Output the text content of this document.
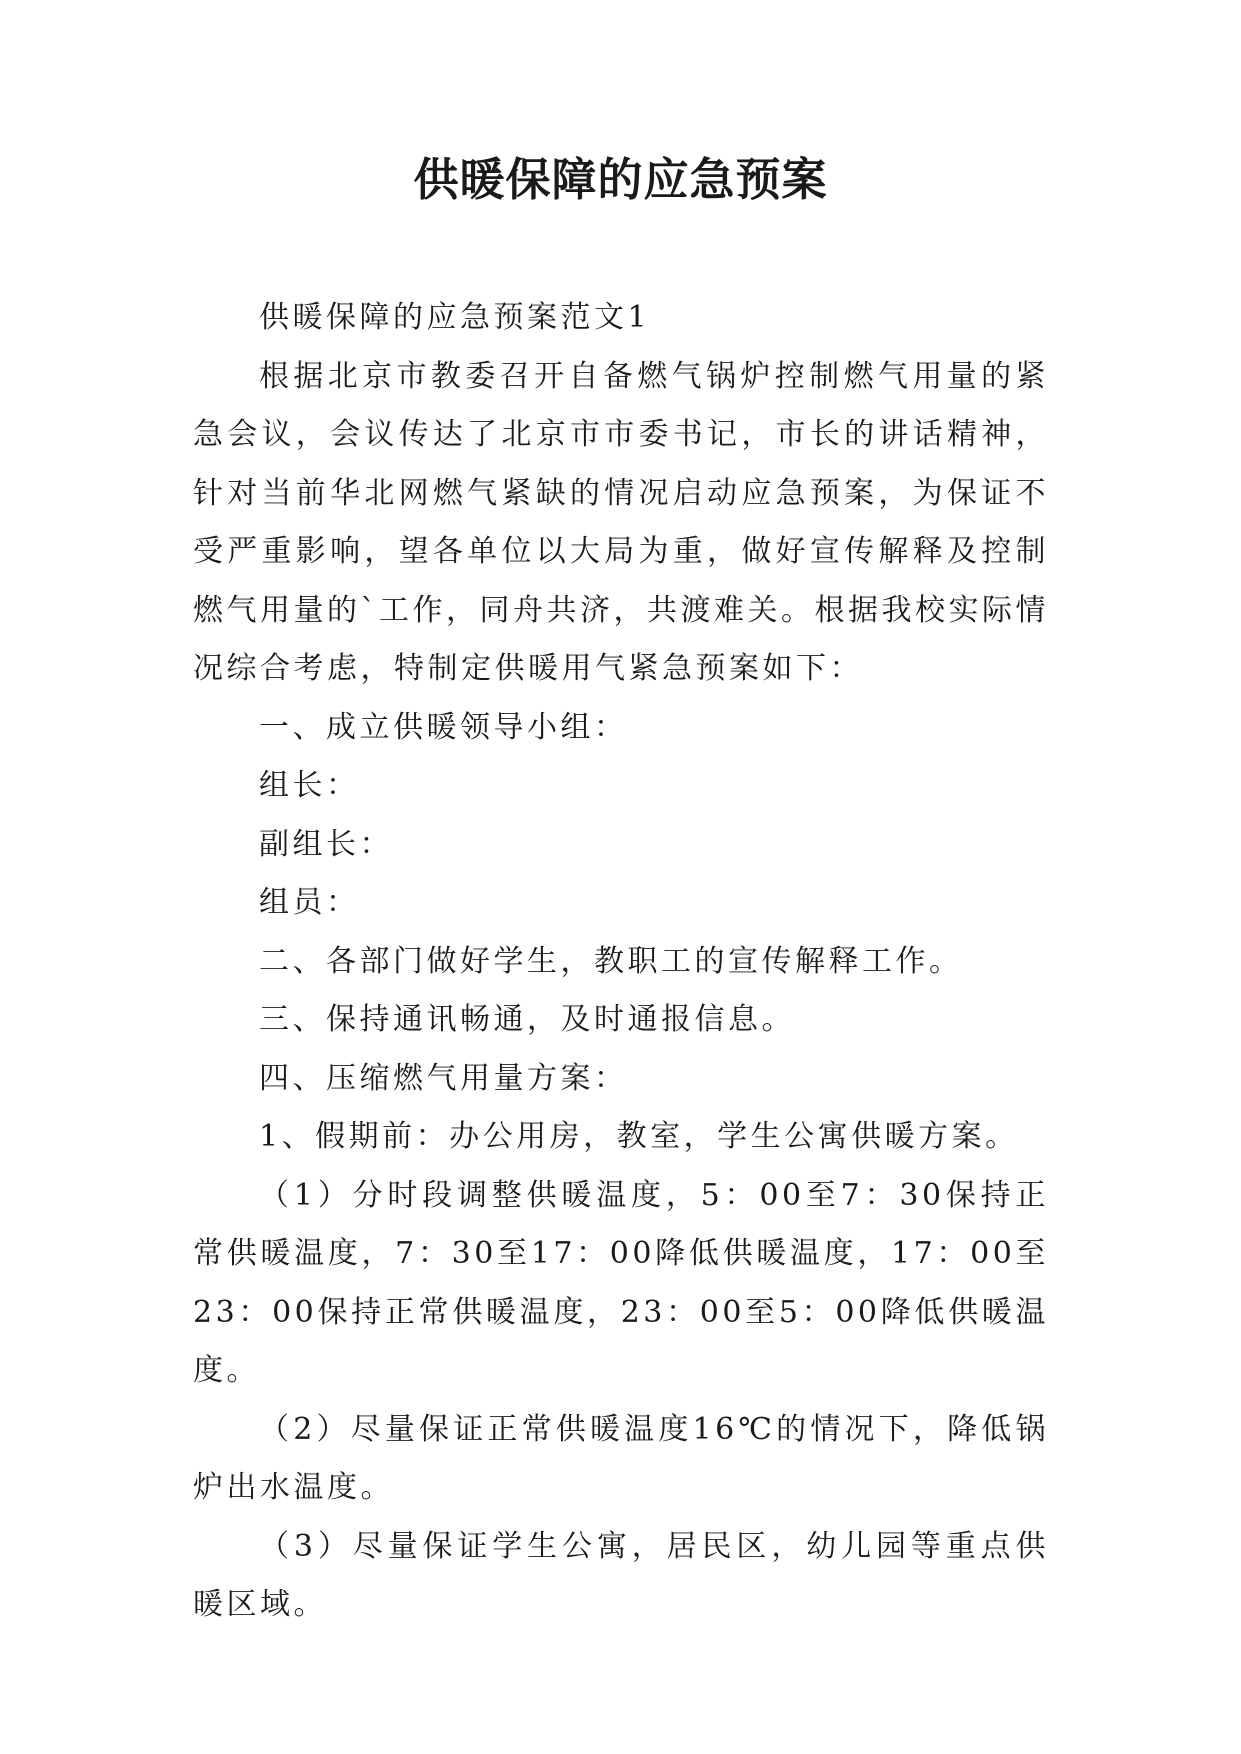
供暖保障的应急预案

供暖保障的应急预案范文1

根据北京市教委召开自备燃气锅炉控制燃气用量的紧急会议，会议传达了北京市市委书记，市长的讲话精神，针对当前华北网燃气紧缺的情况启动应急预案，为保证不受严重影响，望各单位以大局为重，做好宣传解释及控制燃气用量的`工作，同舟共济，共渡难关。根据我校实际情况综合考虑，特制定供暖用气紧急预案如下：

一、成立供暖领导小组：

组长：

副组长：

组员：

二、各部门做好学生，教职工的宣传解释工作。

三、保持通讯畅通，及时通报信息。

四、压缩燃气用量方案：

1、假期前：办公用房，教室，学生公寓供暖方案。

（1）分时段调整供暖温度，5：00至7：30保持正常供暖温度，7：30至17：00降低供暖温度，17：00至23：00保持正常供暖温度，23：00至5：00降低供暖温度。

（2）尽量保证正常供暖温度16℃的情况下，降低锅炉出水温度。

（3）尽量保证学生公寓，居民区，幼儿园等重点供暖区域。
